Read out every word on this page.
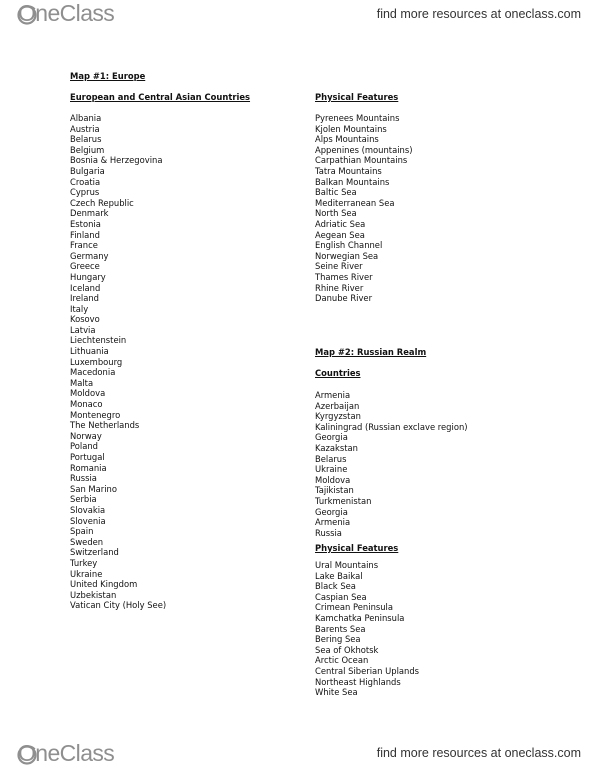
OneClass	find more resources at oneclass.com
Map #1: Europe
European and Central Asian Countries
Albania
Austria
Belarus
Belgium
Bosnia & Herzegovina
Bulgaria
Croatia
Cyprus
Czech Republic
Denmark
Estonia
Finland
France
Germany
Greece
Hungary
Iceland
Ireland
Italy
Kosovo
Latvia
Liechtenstein
Lithuania
Luxembourg
Macedonia
Malta
Moldova
Monaco
Montenegro
The Netherlands
Norway
Poland
Portugal
Romania
Russia
San Marino
Serbia
Slovakia
Slovenia
Spain
Sweden
Switzerland
Turkey
Ukraine
United Kingdom
Uzbekistan
Vatican City (Holy See)
Physical Features
Pyrenees Mountains
Kjolen Mountains
Alps Mountains
Appenines (mountains)
Carpathian Mountains
Tatra Mountains
Balkan Mountains
Baltic Sea
Mediterranean Sea
North Sea
Adriatic Sea
Aegean Sea
English Channel
Norwegian Sea
Seine River
Thames River
Rhine River
Danube River
Map #2: Russian Realm
Countries
Armenia
Azerbaijan
Kyrgyzstan
Kaliningrad (Russian exclave region)
Georgia
Kazakstan
Belarus
Ukraine
Moldova
Tajikistan
Turkmenistan
Georgia
Armenia
Russia
Physical Features
Ural Mountains
Lake Baikal
Black Sea
Caspian Sea
Crimean Peninsula
Kamchatka Peninsula
Barents Sea
Bering Sea
Sea of Okhotsk
Arctic Ocean
Central Siberian Uplands
Northeast Highlands
White Sea
OneClass	find more resources at oneclass.com
